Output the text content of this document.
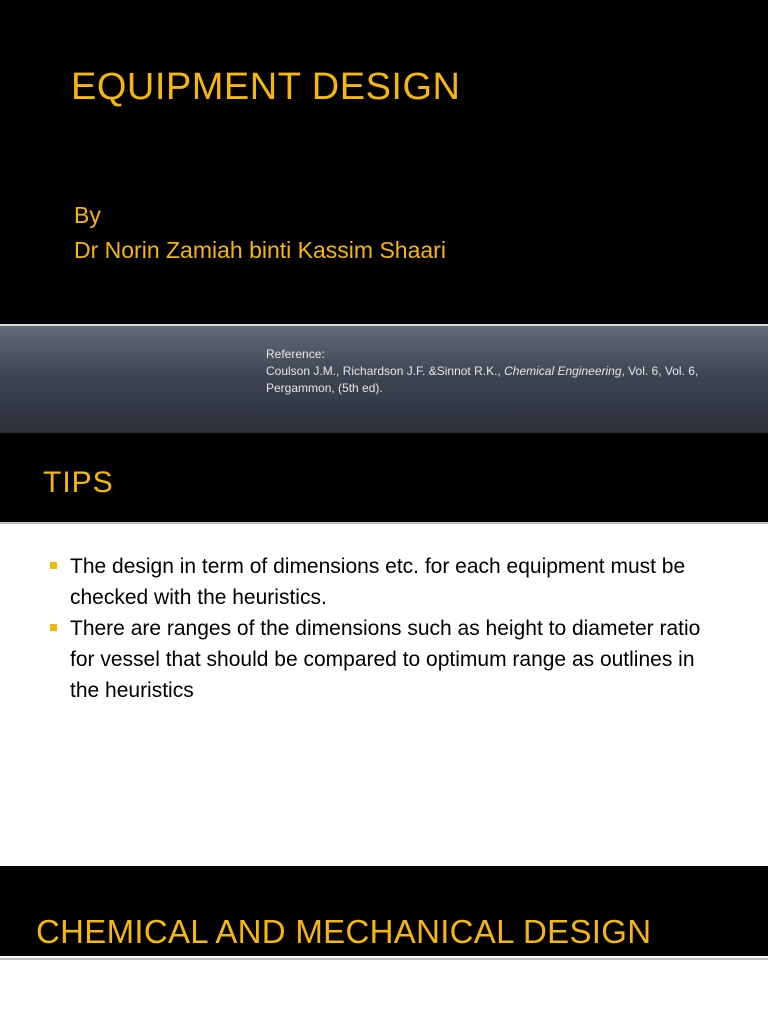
EQUIPMENT DESIGN
By
Dr Norin Zamiah binti Kassim Shaari
Reference:
Coulson J.M., Richardson J.F. &Sinnot R.K., Chemical Engineering, Vol. 6, Vol. 6, Pergammon, (5th ed).
TIPS
The design in term of dimensions etc. for each equipment must be checked with the heuristics.
There are ranges of the dimensions such as height to diameter ratio for vessel that should be compared to optimum range as outlines in the heuristics
CHEMICAL AND MECHANICAL DESIGN
